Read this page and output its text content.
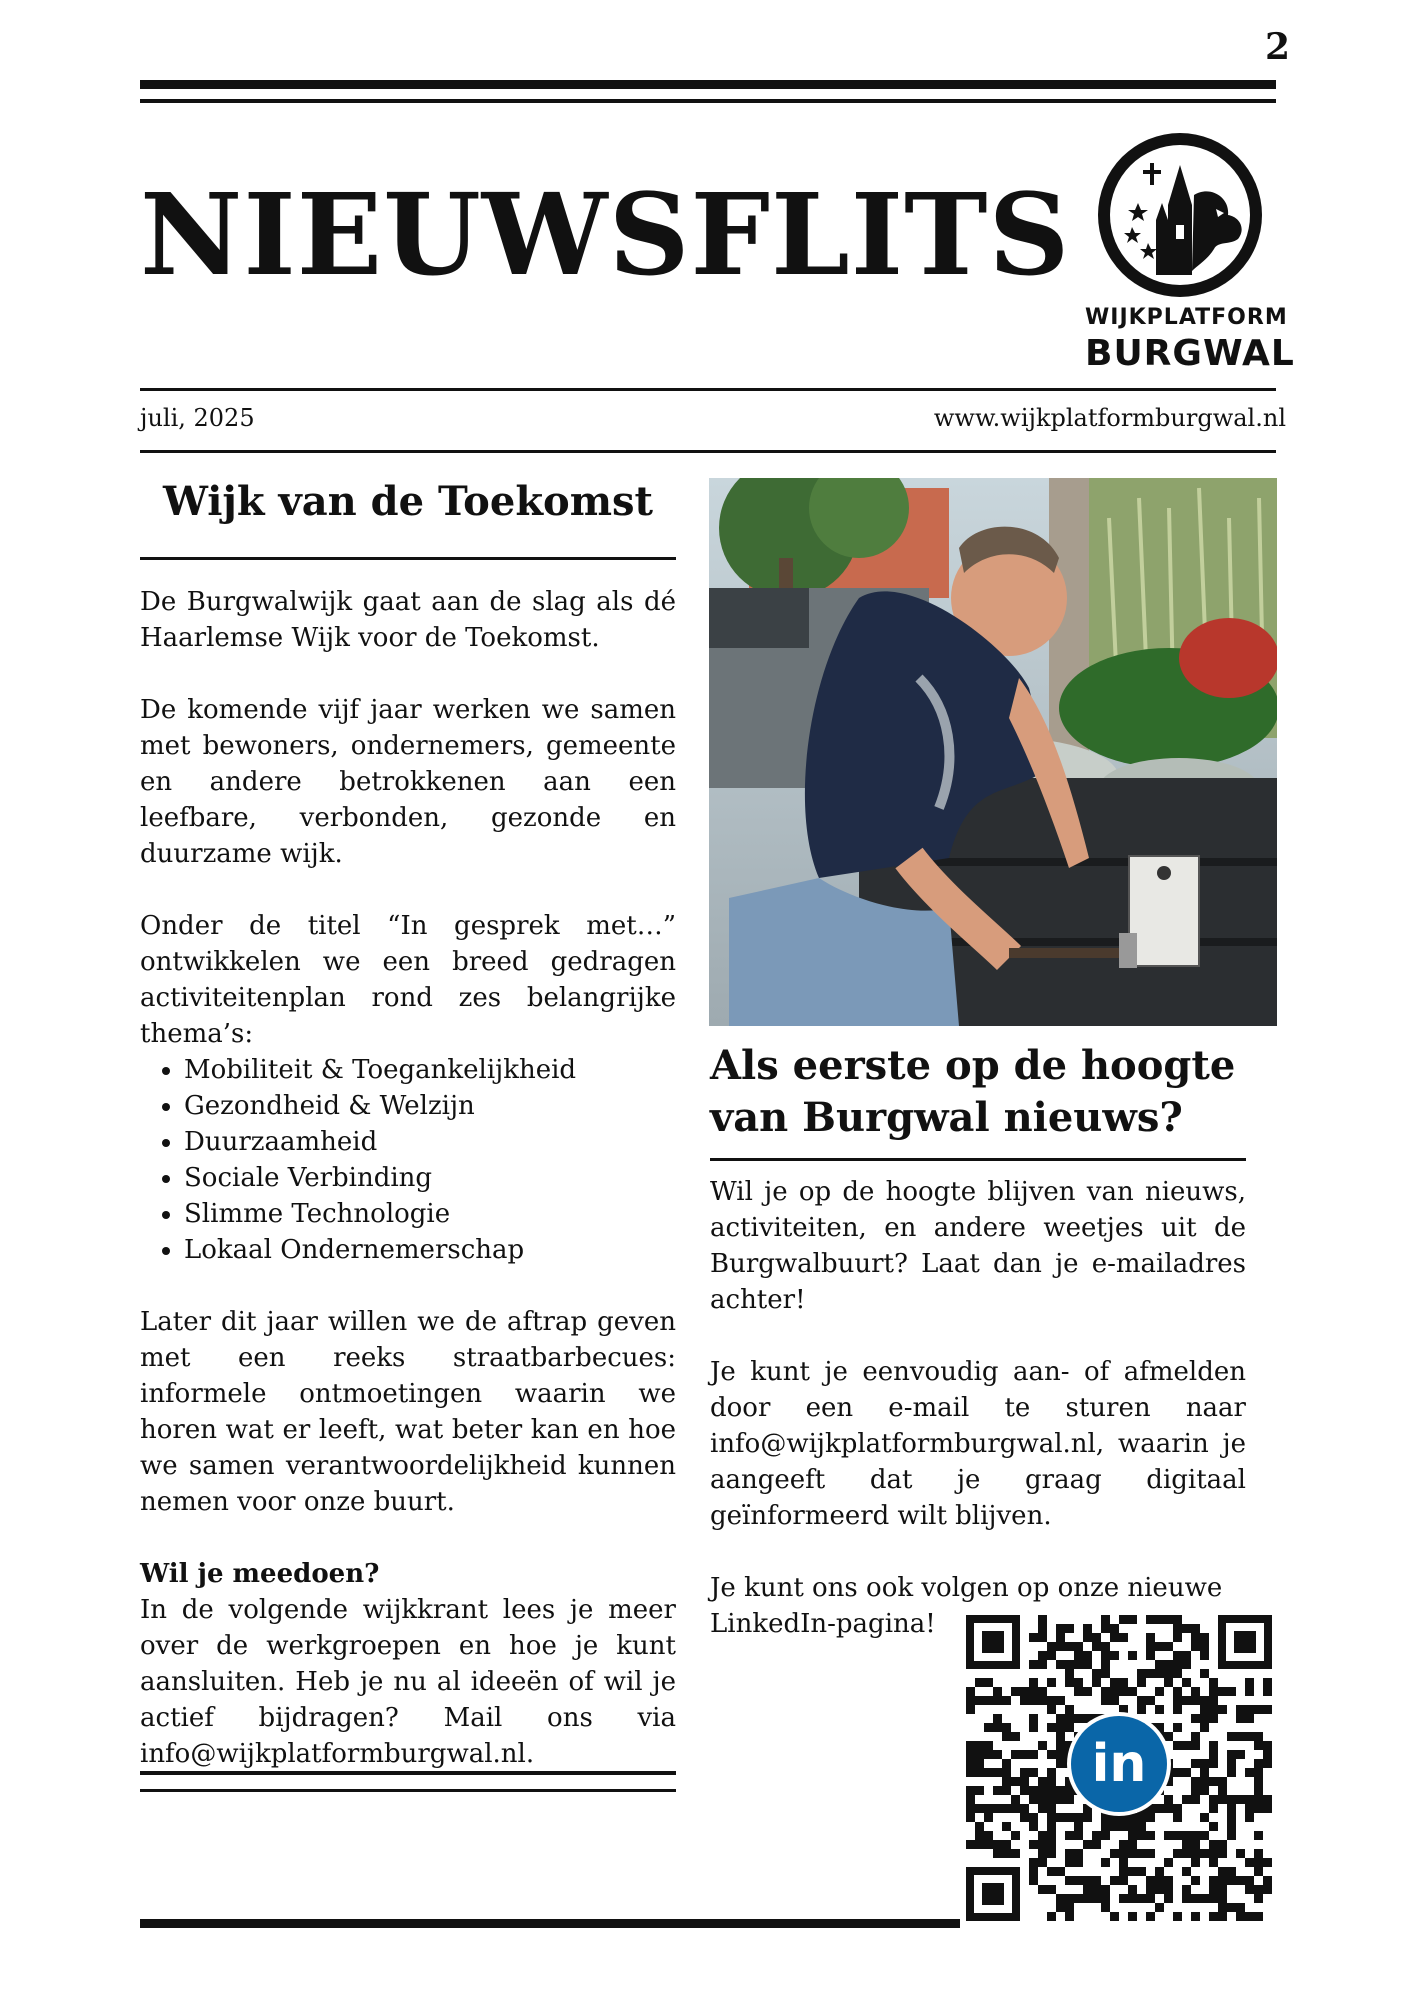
2
NIEUWSFLITS
WIJKPLATFORM
BURGWAL
juli, 2025	www.wijkplatformburgwal.nl
Wijk van de Toekomst

De Burgwalwijk gaat aan de slag als dé Haarlemse Wijk voor de Toekomst.

De komende vijf jaar werken we samen met bewoners, ondernemers, gemeente en andere betrokkenen aan een leefbare, verbonden, gezonde en duurzame wijk.

Onder de titel “In gesprek met…” ontwikkelen we een breed gedragen activiteitenplan rond zes belangrijke thema’s:

• Mobiliteit & Toegankelijkheid
• Gezondheid & Welzijn
• Duurzaamheid
• Sociale Verbinding
• Slimme Technologie
• Lokaal Ondernemerschap

Later dit jaar willen we de aftrap geven met een reeks straatbarbecues: informele ontmoetingen waarin we horen wat er leeft, wat beter kan en hoe we samen verantwoordelijkheid kunnen nemen voor onze buurt.

Wil je meedoen?

In de volgende wijkkrant lees je meer over de werkgroepen en hoe je kunt aansluiten. Heb je nu al ideeën of wil je actief bijdragen? Mail ons via info@wijkplatformburgwal.nl.

Als eerste op de hoogte van Burgwal nieuws?

Wil je op de hoogte blijven van nieuws, activiteiten, en andere weetjes uit de Burgwalbuurt? Laat dan je e-mailadres achter!

Je kunt je eenvoudig aan- of afmelden door een e-mail te sturen naar info@wijkplatformburgwal.nl, waarin je aangeeft dat je graag digitaal geïnformeerd wilt blijven.

Je kunt ons ook volgen op onze nieuwe LinkedIn-pagina!

in
